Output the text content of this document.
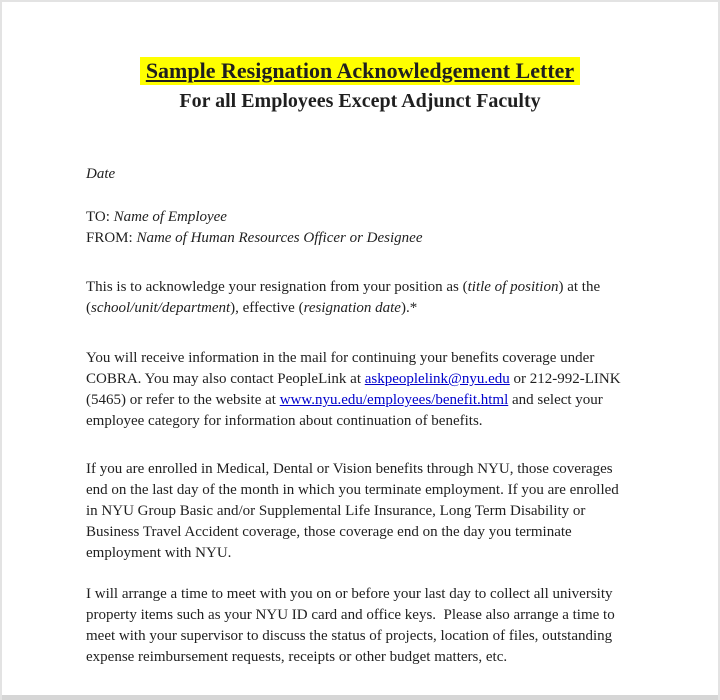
Sample Resignation Acknowledgement Letter
For all Employees Except Adjunct Faculty
Date
TO: Name of Employee
FROM: Name of Human Resources Officer or Designee
This is to acknowledge your resignation from your position as (title of position) at the
(school/unit/department), effective (resignation date).*
You will receive information in the mail for continuing your benefits coverage under
COBRA. You may also contact PeopleLink at askpeoplelink@nyu.edu or 212-992-LINK
(5465) or refer to the website at www.nyu.edu/employees/benefit.html and select your
employee category for information about continuation of benefits.
If you are enrolled in Medical, Dental or Vision benefits through NYU, those coverages
end on the last day of the month in which you terminate employment. If you are enrolled
in NYU Group Basic and/or Supplemental Life Insurance, Long Term Disability or
Business Travel Accident coverage, those coverage end on the day you terminate
employment with NYU.
I will arrange a time to meet with you on or before your last day to collect all university
property items such as your NYU ID card and office keys.  Please also arrange a time to
meet with your supervisor to discuss the status of projects, location of files, outstanding
expense reimbursement requests, receipts or other budget matters, etc.
